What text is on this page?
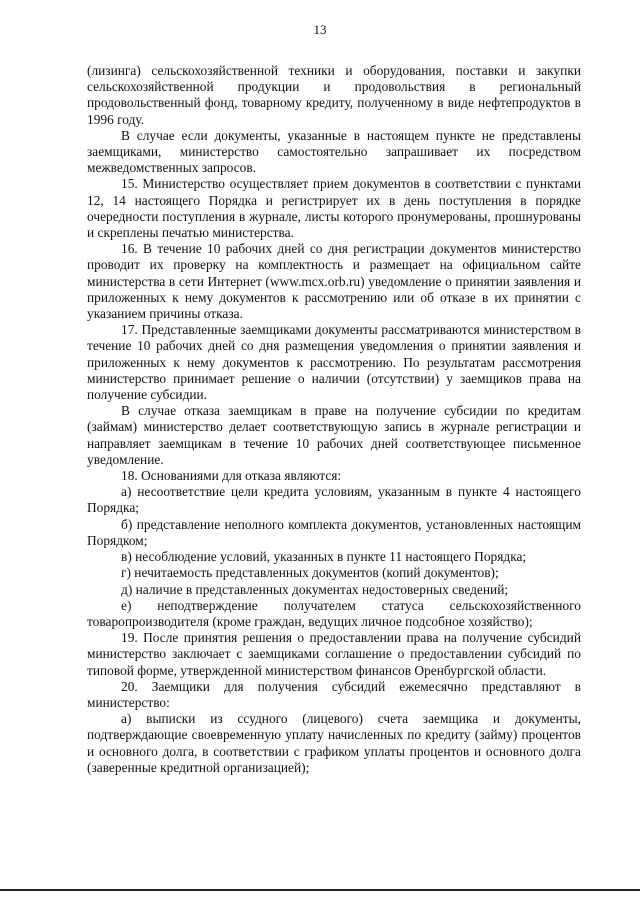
13

(лизинга) сельскохозяйственной техники и оборудования, поставки и закупки сельскохозяйственной продукции и продовольствия в региональный продовольственный фонд, товарному кредиту, полученному в виде нефтепродуктов в 1996 году.

В случае если документы, указанные в настоящем пункте не представлены заемщиками, министерство самостоятельно запрашивает их посредством межведомственных запросов.

15. Министерство осуществляет прием документов в соответствии с пунктами 12, 14 настоящего Порядка и регистрирует их в день поступления в порядке очередности поступления в журнале, листы которого пронумерованы, прошнурованы и скреплены печатью министерства.

16. В течение 10 рабочих дней со дня регистрации документов министерство проводит их проверку на комплектность и размещает на официальном сайте министерства в сети Интернет (www.mcx.orb.ru) уведомление о принятии заявления и приложенных к нему документов к рассмотрению или об отказе в их принятии с указанием причины отказа.

17. Представленные заемщиками документы рассматриваются министерством в течение 10 рабочих дней со дня размещения уведомления о принятии заявления и приложенных к нему документов к рассмотрению. По результатам рассмотрения министерство принимает решение о наличии (отсутствии) у заемщиков права на получение субсидии.

В случае отказа заемщикам в праве на получение субсидии по кредитам (займам) министерство делает соответствующую запись в журнале регистрации и направляет заемщикам в течение 10 рабочих дней соответствующее письменное уведомление.

18. Основаниями для отказа являются:

а) несоответствие цели кредита условиям, указанным в пункте 4 настоящего Порядка;

б) представление неполного комплекта документов, установленных настоящим Порядком;

в) несоблюдение условий, указанных в пункте 11 настоящего Порядка;

г) нечитаемость представленных документов (копий документов);

д) наличие в представленных документах недостоверных сведений;

е) неподтверждение получателем статуса сельскохозяйственного товаропроизводителя (кроме граждан, ведущих личное подсобное хозяйство);

19. После принятия решения о предоставлении права на получение субсидий министерство заключает с заемщиками соглашение о предоставлении субсидий по типовой форме, утвержденной министерством финансов Оренбургской области.

20. Заемщики для получения субсидий ежемесячно представляют в министерство:

а) выписки из ссудного (лицевого) счета заемщика и документы, подтверждающие своевременную уплату начисленных по кредиту (займу) процентов и основного долга, в соответствии с графиком уплаты процентов и основного долга (заверенные кредитной организацией);
